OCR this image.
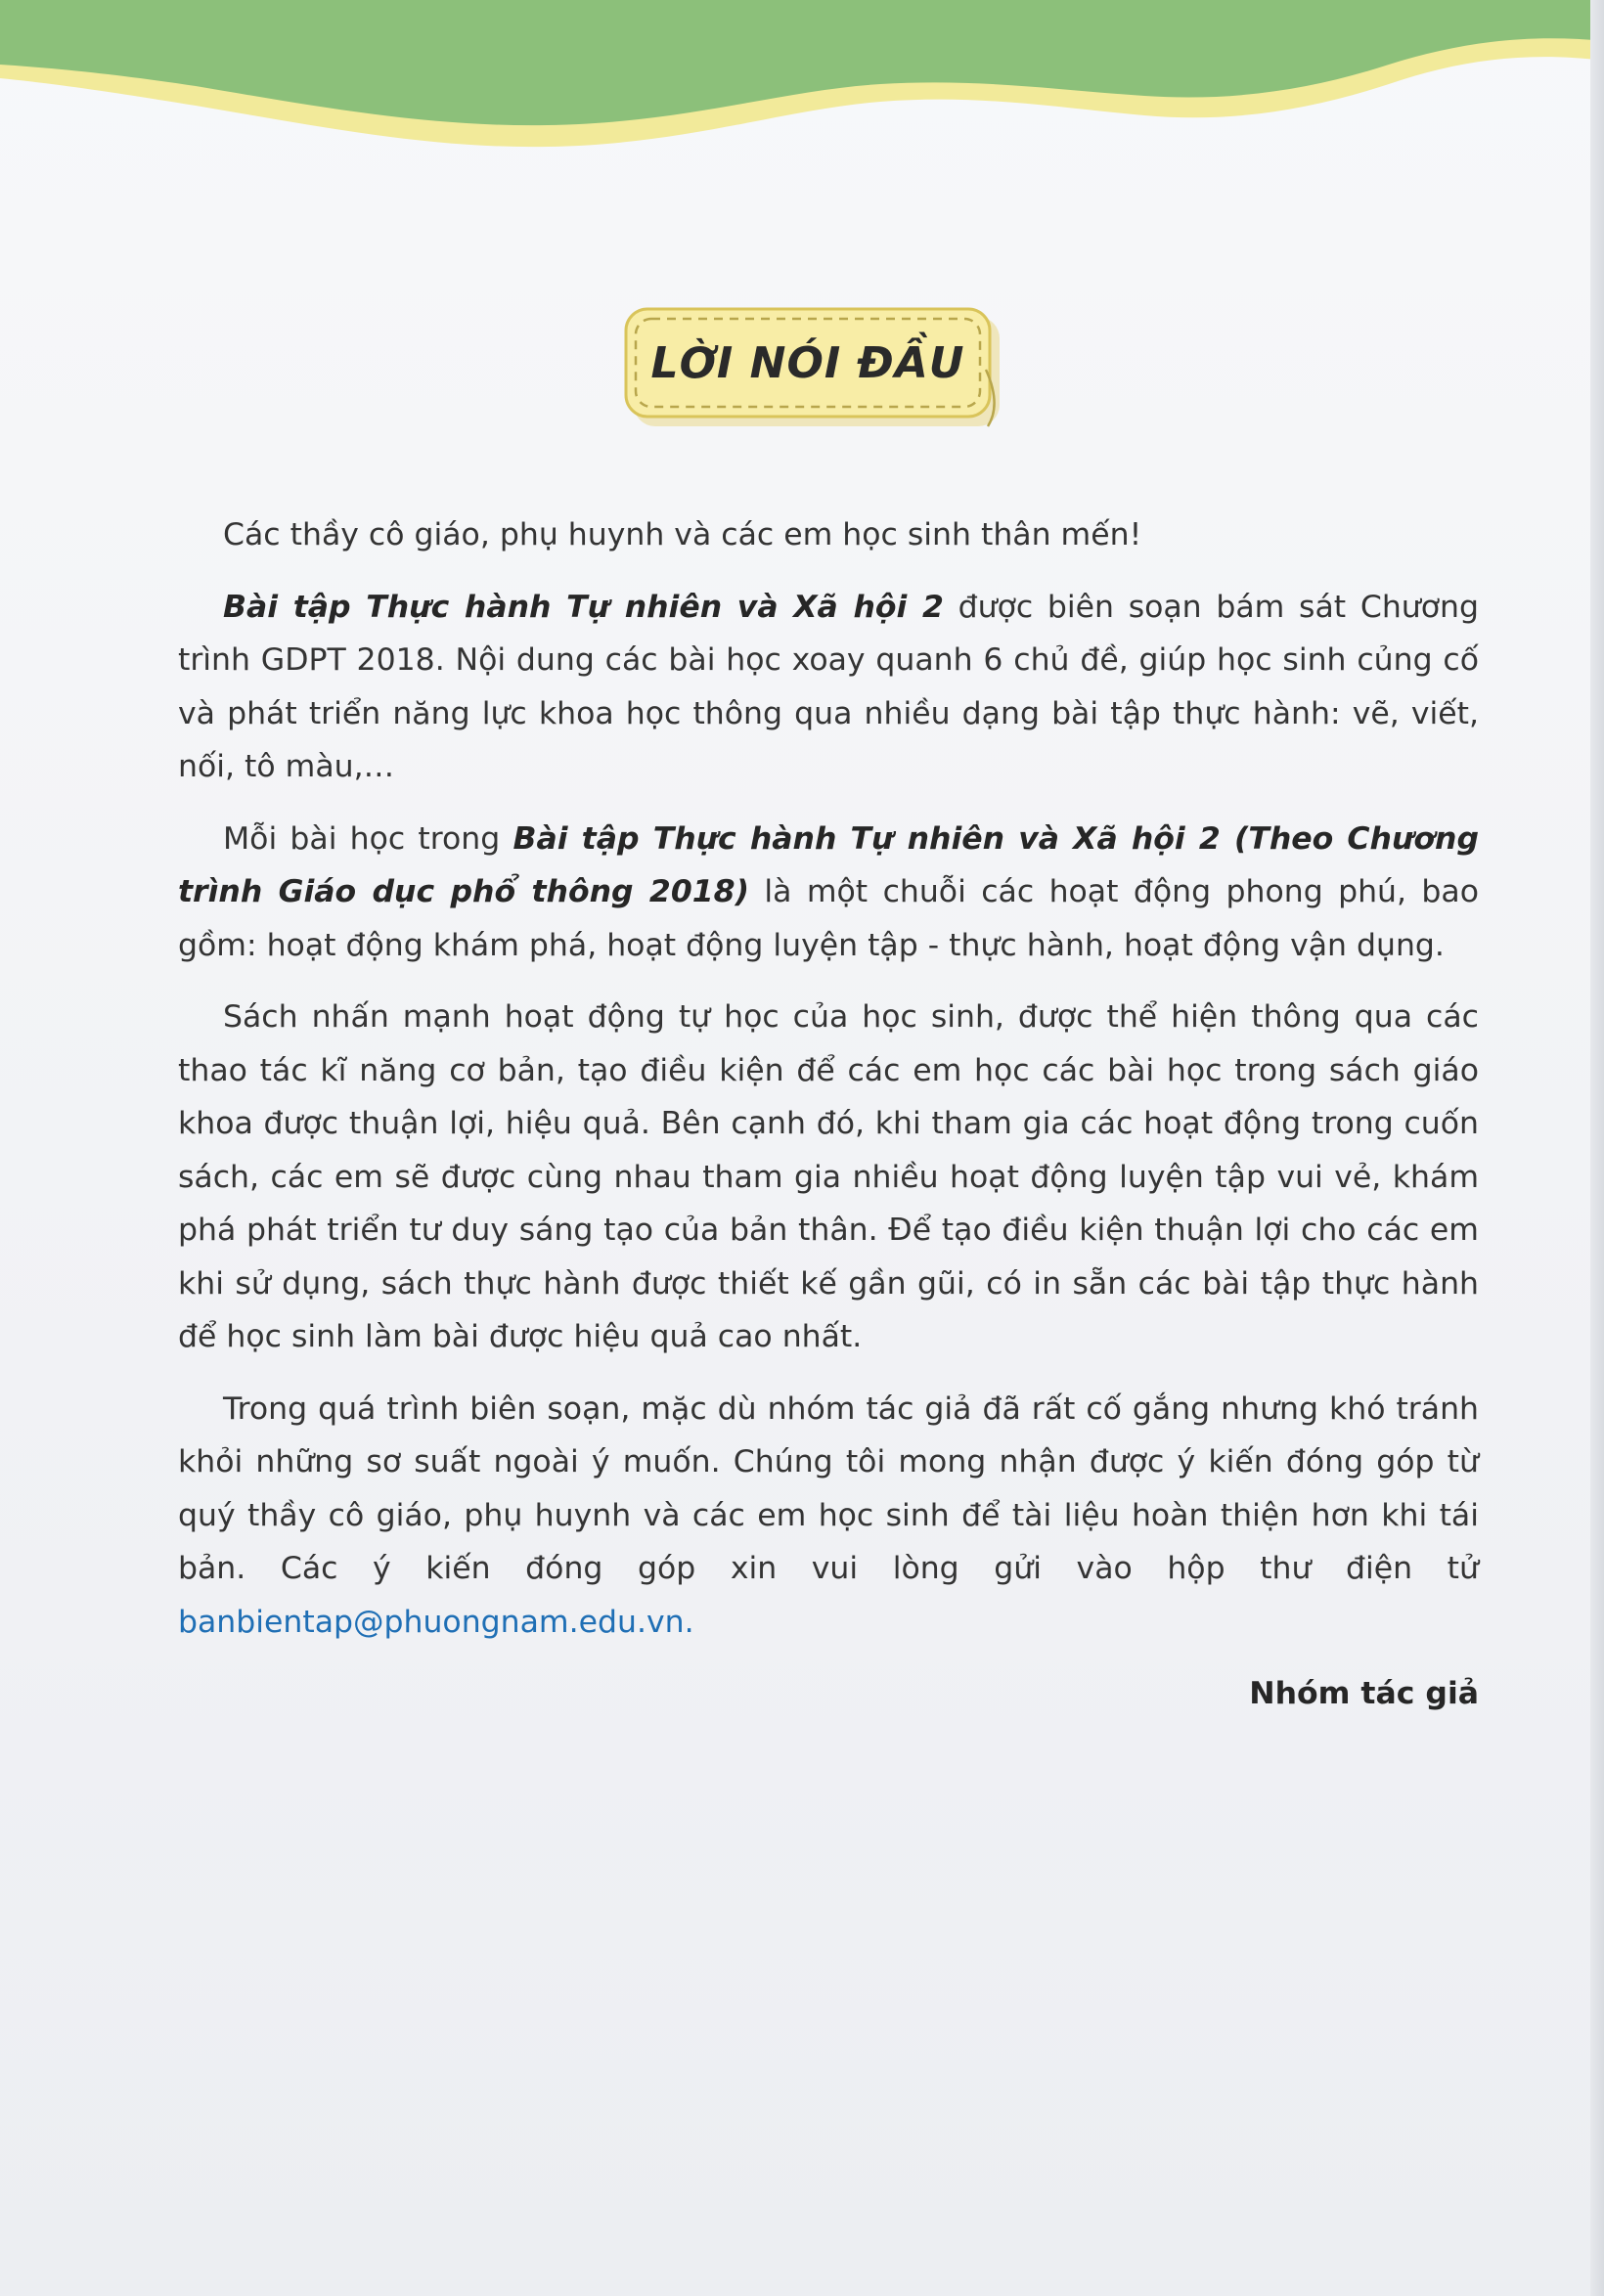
LỜI NÓI ĐẦU

Các thầy cô giáo, phụ huynh và các em học sinh thân mến!

Bài tập Thực hành Tự nhiên và Xã hội 2 được biên soạn bám sát Chương trình GDPT 2018. Nội dung các bài học xoay quanh 6 chủ đề, giúp học sinh củng cố và phát triển năng lực khoa học thông qua nhiều dạng bài tập thực hành: vẽ, viết, nối, tô màu,…

Mỗi bài học trong Bài tập Thực hành Tự nhiên và Xã hội 2 (Theo Chương trình Giáo dục phổ thông 2018) là một chuỗi các hoạt động phong phú, bao gồm: hoạt động khám phá, hoạt động luyện tập - thực hành, hoạt động vận dụng.

Sách nhấn mạnh hoạt động tự học của học sinh, được thể hiện thông qua các thao tác kĩ năng cơ bản, tạo điều kiện để các em học các bài học trong sách giáo khoa được thuận lợi, hiệu quả. Bên cạnh đó, khi tham gia các hoạt động trong cuốn sách, các em sẽ được cùng nhau tham gia nhiều hoạt động luyện tập vui vẻ, khám phá phát triển tư duy sáng tạo của bản thân. Để tạo điều kiện thuận lợi cho các em khi sử dụng, sách thực hành được thiết kế gần gũi, có in sẵn các bài tập thực hành để học sinh làm bài được hiệu quả cao nhất.

Trong quá trình biên soạn, mặc dù nhóm tác giả đã rất cố gắng nhưng khó tránh khỏi những sơ suất ngoài ý muốn. Chúng tôi mong nhận được ý kiến đóng góp từ quý thầy cô giáo, phụ huynh và các em học sinh để tài liệu hoàn thiện hơn khi tái bản. Các ý kiến đóng góp xin vui lòng gửi vào hộp thư điện tử banbientap@phuongnam.edu.vn.

Nhóm tác giả
